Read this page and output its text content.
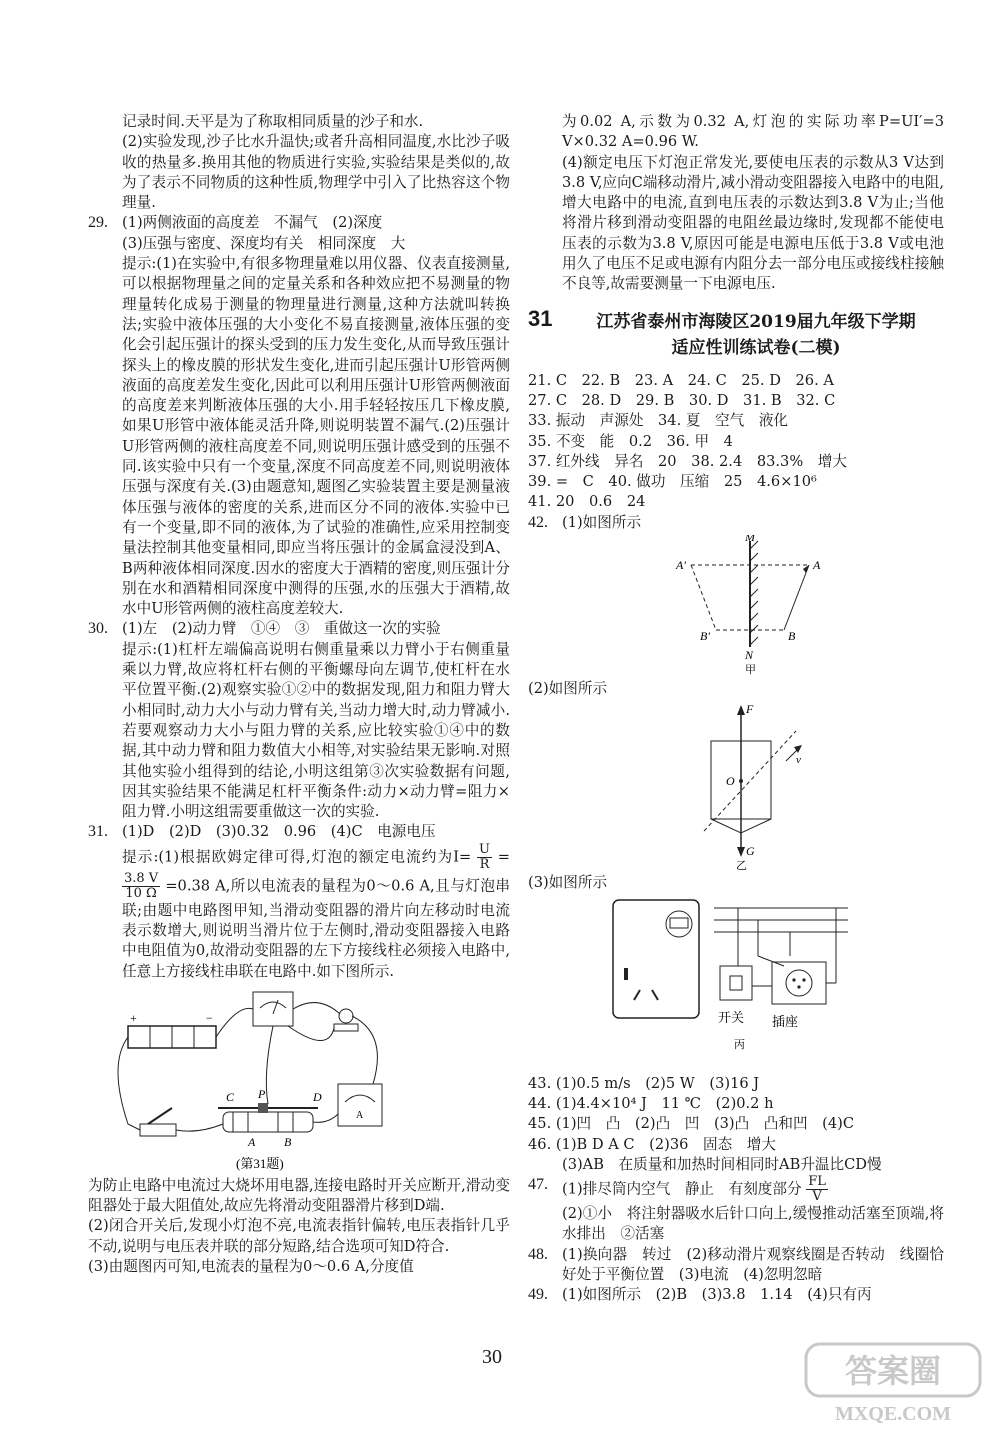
记录时间.天平是为了称取相同质量的沙子和水.

(2)实验发现,沙子比水升温快;或者升高相同温度,水比沙子吸收的热量多.换用其他的物质进行实验,实验结果是类似的,故为了表示不同物质的这种性质,物理学中引入了比热容这个物理量.

29. (1)两侧液面的高度差　不漏气　(2)深度

(3)压强与密度、深度均有关　相同深度　大

提示:(1)在实验中,有很多物理量难以用仪器、仪表直接测量,可以根据物理量之间的定量关系和各种效应把不易测量的物理量转化成易于测量的物理量进行测量,这种方法就叫转换法;实验中液体压强的大小变化不易直接测量,液体压强的变化会引起压强计的探头受到的压力发生变化,从而导致压强计探头上的橡皮膜的形状发生变化,进而引起压强计U形管两侧液面的高度差发生变化,因此可以利用压强计U形管两侧液面的高度差来判断液体压强的大小.用手轻轻按压几下橡皮膜,如果U形管中液体能灵活升降,则说明装置不漏气.(2)压强计U形管两侧的液柱高度差不同,则说明压强计感受到的压强不同.该实验中只有一个变量,深度不同高度差不同,则说明液体压强与深度有关.(3)由题意知,题图乙实验装置主要是测量液体压强与液体的密度的关系,进而区分不同的液体.实验中已有一个变量,即不同的液体,为了试验的准确性,应采用控制变量法控制其他变量相同,即应当将压强计的金属盒浸没到A、B两种液体相同深度.因水的密度大于酒精的密度,则压强计分别在水和酒精相同深度中测得的压强,水的压强大于酒精,故水中U形管两侧的液柱高度差较大.

30. (1)左　(2)动力臂　①④　③　重做这一次的实验

提示:(1)杠杆左端偏高说明右侧重量乘以力臂小于右侧重量乘以力臂,故应将杠杆右侧的平衡螺母向左调节,使杠杆在水平位置平衡.(2)观察实验①②中的数据发现,阻力和阻力臂大小相同时,动力大小与动力臂有关,当动力增大时,动力臂减小.若要观察动力大小与阻力臂的关系,应比较实验①④中的数据,其中动力臂和阻力数值大小相等,对实验结果无影响.对照其他实验小组得到的结论,小明这组第③次实验数据有问题,因其实验结果不能满足杠杆平衡条件:动力×动力臂=阻力×阻力臂.小明这组需要重做这一次的实验.

31. (1)D　(2)D　(3)0.32　0.96　(4)C　电源电压

提示:(1)根据欧姆定律可得,灯泡的额定电流约为$I= \frac{U}{R}$ =
$\frac{3.8 V}{10 \Omega} =0.38$ A,所以电流表的量程为0～0.6 A,且与灯泡串联;由题中电路图甲知,当滑动变阻器的滑片向左移动时电流表示数增大,则说明当滑片位于左侧时,滑动变阻器接入电路中电阻值为0,故滑动变阻器的左下方接线柱必须接入电路中,任意上方接线柱串联在电路中.如下图所示.

+	−
A
C P	D
A B
(第31题)

为防止电路中电流过大烧坏用电器,连接电路时开关应断开,滑动变阻器处于最大阻值处,故应先将滑动变阻器滑片移到D端.

(2)闭合开关后,发现小灯泡不亮,电流表指针偏转,电压表指针几乎不动,说明与电压表并联的部分短路,结合选项可知D符合.

(3)由题图丙可知,电流表的量程为0～0.6 A,分度值

为0.02 A,示数为0.32 A,灯泡的实际功率P=UI′=3 V×0.32 A=0.96 W.

(4)额定电压下灯泡正常发光,要使电压表的示数从3 V达到3.8 V,应向C端移动滑片,减小滑动变阻器接入电路中的电阻,增大电路中的电流,直到电压表的示数达到3.8 V为止;当他将滑片移到滑动变阻器的电阻丝最边缘时,发现都不能使电压表的示数为3.8 V,原因可能是电源电压低于3.8 V或电池用久了电压不足或电源有内阻分去一部分电压或接线柱接触不良等,故需要测量一下电源电压.

31	江苏省泰州市海陵区2019届九年级下学期
适应性训练试卷(二模)

21. C　22. B　23. A　24. C　25. D　26. A

27. C　28. D　29. B　30. D　31. B　32. C

33. 振动　声源处　34. 夏　空气　液化

35. 不变　能　0.2　36. 甲　4

37. 红外线　异名　20　38. 2.4　83.3%　增大

39. =　C　40. 做功　压缩　25　4.6×10⁶

41. 20　0.6　24

42. (1)如图所示

M
A′	A
B′	B
N
甲

(2)如图所示

F
v
O
G
乙

(3)如图所示

开关 插座
丙

43. (1)0.5 m/s　(2)5 W　(3)16 J

44. (1)4.4×10⁴ J　11 ℃　(2)0.2 h

45. (1)凹　凸　(2)凸　凹　(3)凸　凸和凹　(4)C

46. (1)B D A C　(2)36　固态　增大

(3)AB　在质量和加热时间相同时AB升温比CD慢

47. (1)排尽筒内空气　静止　有刻度部分 $\frac{FL}{V}$

(2)①小　将注射器吸水后针口向上,缓慢推动活塞至顶端,将水排出　②活塞

48. (1)换向器　转过　(2)移动滑片观察线圈是否转动　线圈恰好处于平衡位置　(3)电流　(4)忽明忽暗

49. (1)如图所示　(2)B　(3)3.8　1.14　(4)只有丙

30	答案圈
MXQE.COM
